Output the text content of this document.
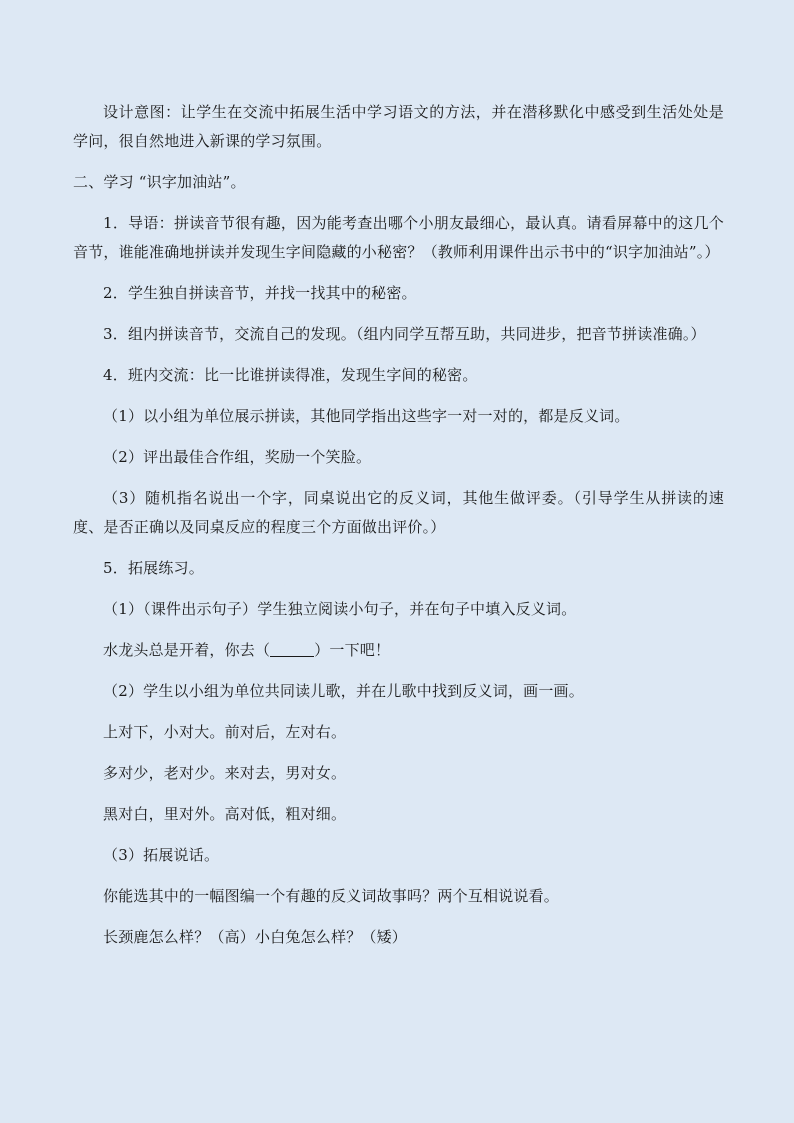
设计意图：让学生在交流中拓展生活中学习语文的方法，并在潜移默化中感受到生活处处是学问，很自然地进入新课的学习氛围。

二、学习 “识字加油站”。

1．导语：拼读音节很有趣，因为能考查出哪个小朋友最细心，最认真。请看屏幕中的这几个音节，谁能准确地拼读并发现生字间隐藏的小秘密？（教师利用课件出示书中的“识字加油站”。）

2．学生独自拼读音节，并找一找其中的秘密。

3．组内拼读音节，交流自己的发现。（组内同学互帮互助，共同进步，把音节拼读准确。）

4．班内交流：比一比谁拼读得准，发现生字间的秘密。

（1）以小组为单位展示拼读，其他同学指出这些字一对一对的，都是反义词。

（2）评出最佳合作组，奖励一个笑脸。

（3）随机指名说出一个字，同桌说出它的反义词，其他生做评委。（引导学生从拼读的速度、是否正确以及同桌反应的程度三个方面做出评价。）

5．拓展练习。

（1）（课件出示句子）学生独立阅读小句子，并在句子中填入反义词。

水龙头总是开着，你去（	）一下吧！

（2）学生以小组为单位共同读儿歌，并在儿歌中找到反义词，画一画。

上对下，小对大。前对后，左对右。

多对少，老对少。来对去，男对女。

黑对白，里对外。高对低，粗对细。

（3）拓展说话。

你能选其中的一幅图编一个有趣的反义词故事吗？两个互相说说看。

长颈鹿怎么样？（高）小白兔怎么样？（矮）
